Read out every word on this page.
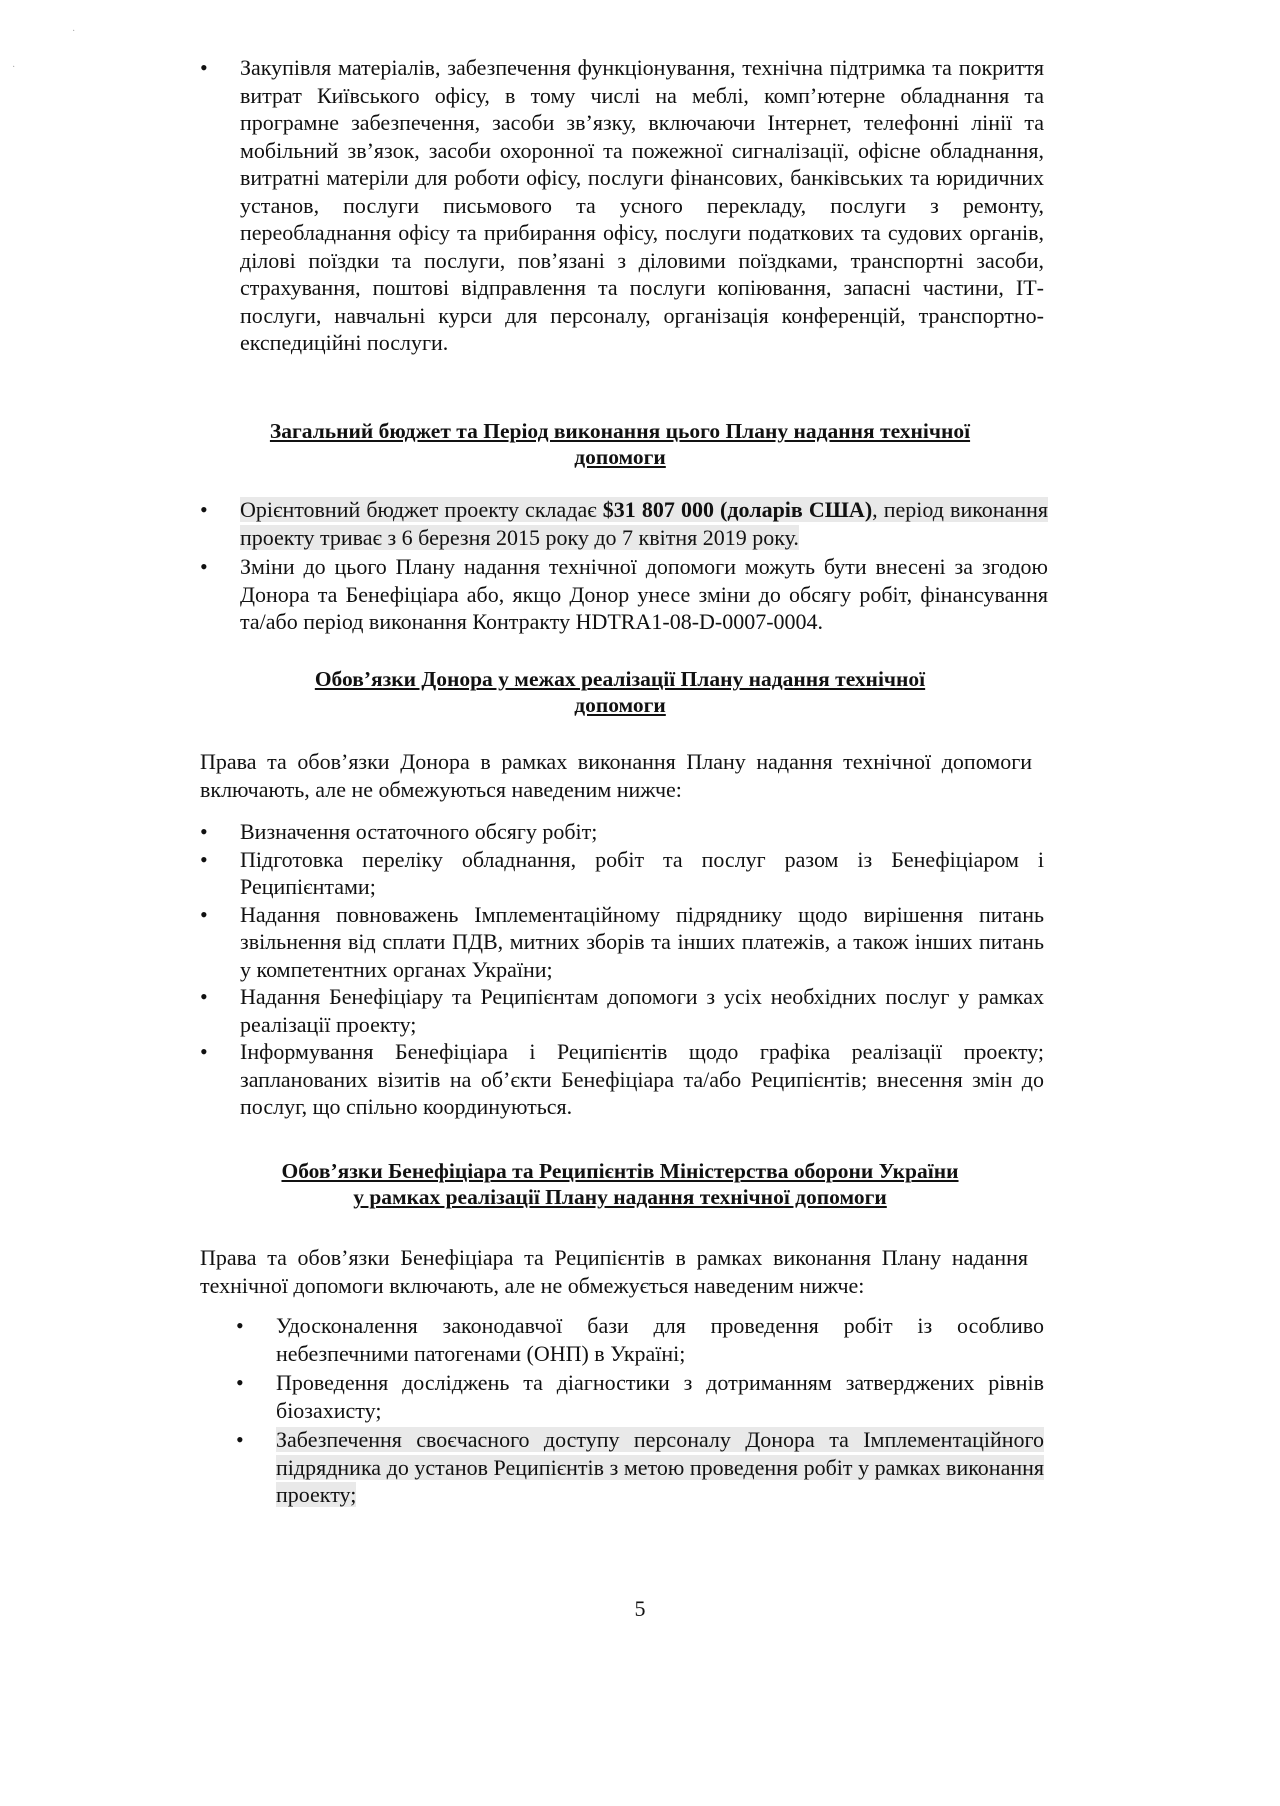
·
·
•	Закупівля матеріалів, забезпечення функціонування, технічна підтримка та покриття витрат Київського офісу, в тому числі на меблі, комп’ютерне обладнання та програмне забезпечення, засоби зв’язку, включаючи Інтернет, телефонні лінії та мобільний зв’язок, засоби охоронної та пожежної сигналізації, офісне обладнання, витратні матеріли для роботи офісу, послуги фінансових, банківських та юридичних установ, послуги письмового та усного перекладу, послуги з ремонту, переобладнання офісу та прибирання офісу, послуги податкових та судових органів, ділові поїздки та послуги, пов’язані з діловими поїздками, транспортні засоби, страхування, поштові відправлення та послуги копіювання, запасні частини, ІТ-послуги, навчальні курси для персоналу, організація конференцій, транспортно-експедиційні послуги.
Загальний бюджет та Період виконання цього Плану надання технічної
допомоги
• Орієнтовний бюджет проекту складає $31 807 000 (доларів США), період виконання проекту триває з 6 березня 2015 року до 7 квітня 2019 року.
• Зміни до цього Плану надання технічної допомоги можуть бути внесені за згодою Донора та Бенефіціара або, якщо Донор унесе зміни до обсягу робіт, фінансування та/або період виконання Контракту HDTRA1-08-D-0007-0004.
Обов’язки Донора у межах реалізації Плану надання технічної
допомоги
Права та обов’язки Донора в рамках виконання Плану надання технічної допомоги включають, але не обмежуються наведеним нижче:
• Визначення остаточного обсягу робіт;
• Підготовка переліку обладнання, робіт та послуг разом із Бенефіціаром і Реципієнтами;
• Надання повноважень Імплементаційному підряднику щодо вирішення питань звільнення від сплати ПДВ, митних зборів та інших платежів, а також інших питань у компетентних органах України;
• Надання Бенефіціару та Реципієнтам допомоги з усіх необхідних послуг у рамках реалізації проекту;
• Інформування Бенефіціара і Реципієнтів щодо графіка реалізації проекту; запланованих візитів на об’єкти Бенефіціара та/або Реципієнтів; внесення змін до послуг, що спільно координуються.
Обов’язки Бенефіціара та Реципієнтів Міністерства оборони України
у рамках реалізації Плану надання технічної допомоги
Права та обов’язки Бенефіціара та Реципієнтів в рамках виконання Плану надання технічної допомоги включають, але не обмежується наведеним нижче:
• Удосконалення законодавчої бази для проведення робіт із особливо небезпечними патогенами (ОНП) в Україні;
• Проведення досліджень та діагностики з дотриманням затверджених рівнів біозахисту;
• Забезпечення своєчасного доступу персоналу Донора та Імплементаційного підрядника до установ Реципієнтів з метою проведення робіт у рамках виконання проекту;
5
